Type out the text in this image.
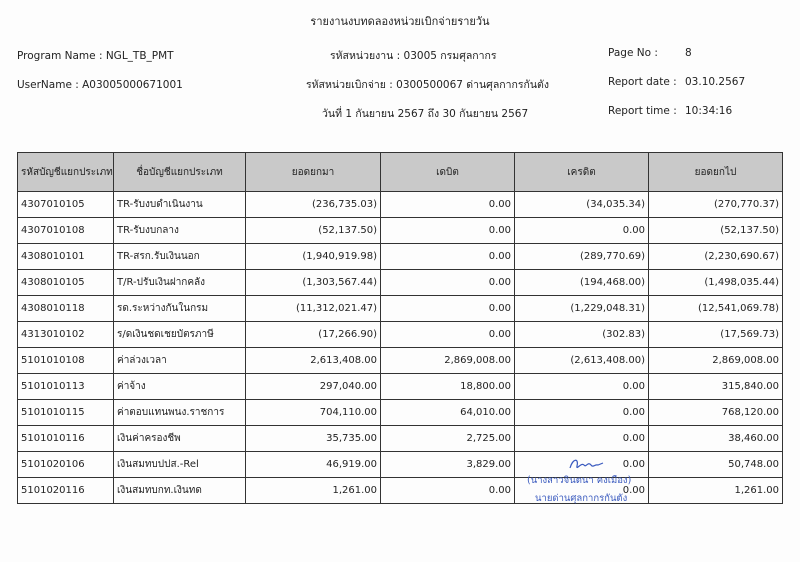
รายงานงบทดลองหน่วยเบิกจ่ายรายวัน
Program Name : NGL_TB_PMT
UserName : A03005000671001
รหัสหน่วยงาน : 03005 กรมศุลกากร
รหัสหน่วยเบิกจ่าย : 0300500067 ด่านศุลกากรกันตัง
วันที่ 1 กันยายน 2567 ถึง 30 กันยายน 2567
Page No :	8
Report date : 03.10.2567
Report time : 10:34:16
รหัสบัญชีแยกประเภท	ชื่อบัญชีแยกประเภท	ยอดยกมา	เดบิต	เครดิต	ยอดยกไป
4307010105	TR-รับงบดำเนินงาน	(236,735.03)	0.00	(34,035.34)	(270,770.37)
4307010108	TR-รับงบกลาง	(52,137.50)	0.00	0.00	(52,137.50)
4308010101	TR-สรก.รับเงินนอก	(1,940,919.98)	0.00	(289,770.69)	(2,230,690.67)
4308010105	T/R-ปรับเงินฝากคลัง	(1,303,567.44)	0.00	(194,468.00)	(1,498,035.44)
4308010118	รด.ระหว่างกันในกรม	(11,312,021.47)	0.00	(1,229,048.31)	(12,541,069.78)
4313010102	ร/ดเงินชดเชยบัตรภาษี	(17,266.90)	0.00	(302.83)	(17,569.73)
5101010108	ค่าล่วงเวลา	2,613,408.00	2,869,008.00	(2,613,408.00)	2,869,008.00
5101010113	ค่าจ้าง	297,040.00	18,800.00	0.00	315,840.00
5101010115	ค่าตอบแทนพนง.ราชการ	704,110.00	64,010.00	0.00	768,120.00
5101010116	เงินค่าครองชีพ	35,735.00	2,725.00	0.00	38,460.00
5101020106	เงินสมทบปปส.-Rel	46,919.00	3,829.00	0.00	50,748.00
5101020116	เงินสมทบกท.เงินทด	1,261.00	0.00	0.00	1,261.00
(นางสาวจินตนา คงเมือง)
นายด่านศุลกากรกันตัง
